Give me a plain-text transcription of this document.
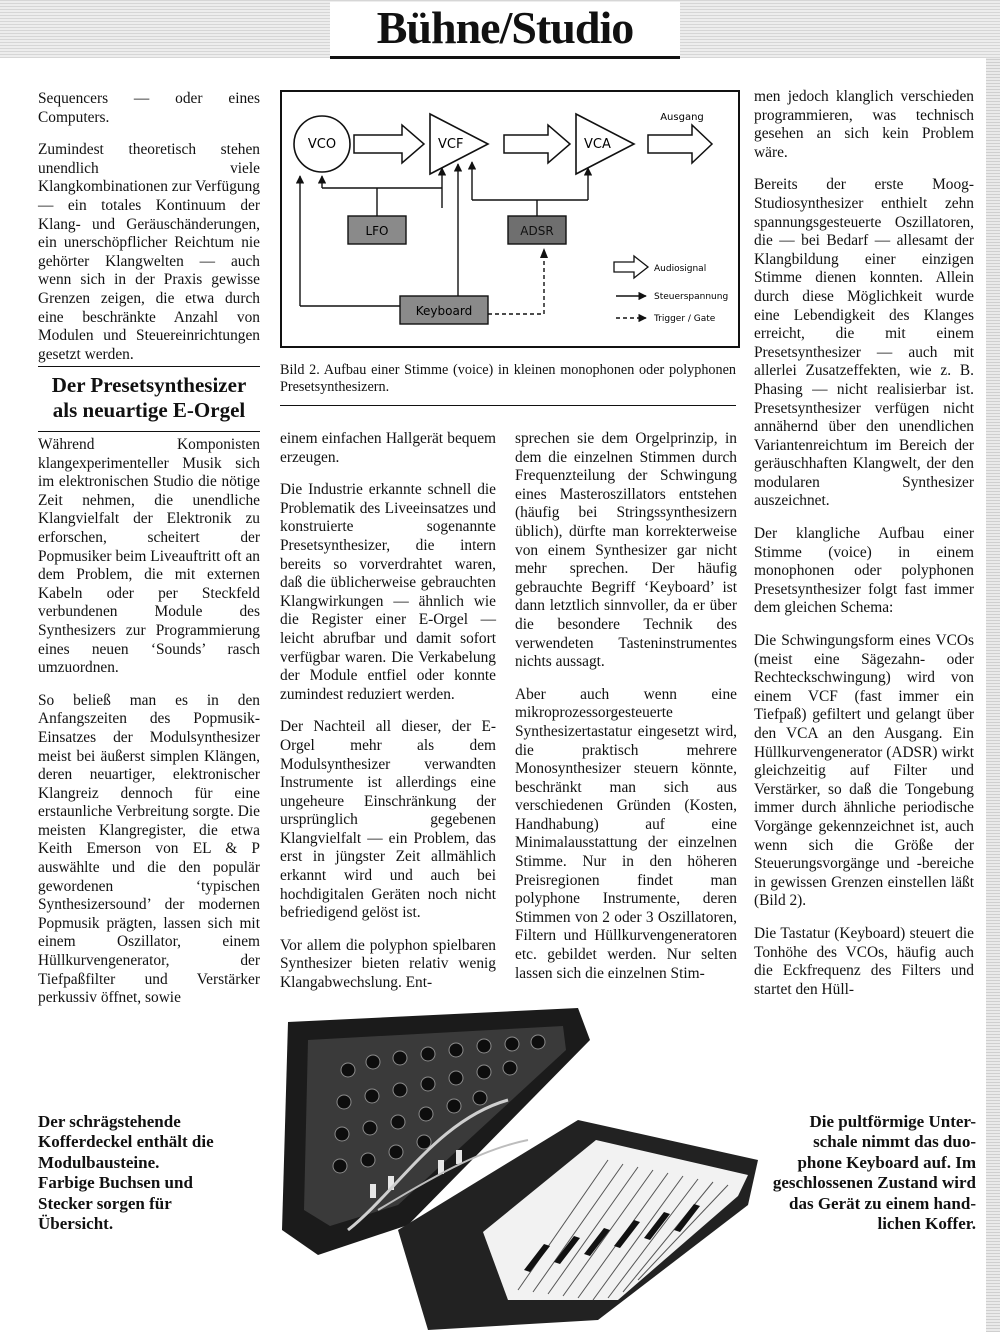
Bühne/Studio

Sequencers — oder eines Computers.

Zumindest theoretisch stehen unendlich viele Klangkombinationen zur Verfügung — ein totales Kontinuum der Klang- und Geräuschänderungen, ein unerschöpflicher Reichtum nie gehörter Klangwelten — auch wenn sich in der Praxis gewisse Grenzen zeigen, die etwa durch eine beschränkte Anzahl von Modulen und Steuereinrichtungen gesetzt werden.

Der Presetsynthesizer
als neuartige E-Orgel

Während Komponisten klangexperimenteller Musik sich im elektronischen Studio die nötige Zeit nehmen, die unendliche Klangvielfalt der Elektronik zu erforschen, scheitert der Popmusiker beim Liveauftritt oft an dem Problem, die mit externen Kabeln oder per Steckfeld verbundenen Module des Synthesizers zur Programmierung eines neuen ‘Sounds’ rasch umzuordnen.

So beließ man es in den Anfangszeiten des Popmusik-Einsatzes der Modulsynthesizer meist bei äußerst simplen Klängen, deren neuartiger, elektronischer Klangreiz dennoch für eine erstaunliche Verbreitung sorgte. Die meisten Klangregister, die etwa Keith Emerson von EL & P auswählte und die den populär gewordenen ‘typischen Synthesizersound’ der modernen Popmusik prägten, lassen sich mit einem Oszillator, einem Hüllkurvengenerator, der Tiefpaßfilter und Verstärker perkussiv öffnet, sowie

VCO	VCF	VCA
Ausgang
LFO	ADSR
Keyboard
Audiosignal
Steuerspannung
Trigger / Gate
Bild 2. Aufbau einer Stimme (voice) in kleinen monophonen oder polyphonen Presetsynthesizern.

einem einfachen Hallgerät bequem erzeugen.

Die Industrie erkannte schnell die Problematik des Liveeinsatzes und konstruierte sogenannte Presetsynthesizer, die intern bereits so vorverdrahtet waren, daß die üblicherweise gebrauchten Klangwirkungen — ähnlich wie die Register einer E-Orgel — leicht abrufbar und damit sofort verfügbar waren. Die Verkabelung der Module entfiel oder konnte zumindest reduziert werden.

Der Nachteil all dieser, der E-Orgel mehr als dem Modulsynthesizer verwandten Instrumente ist allerdings eine ungeheure Einschränkung der ursprünglich gegebenen Klangvielfalt — ein Problem, das erst in jüngster Zeit allmählich erkannt wird und auch bei hochdigitalen Geräten noch nicht befriedigend gelöst ist.

Vor allem die polyphon spielbaren Synthesizer bieten relativ wenig Klangabwechslung. Ent-

sprechen sie dem Orgelprinzip, in dem die einzelnen Stimmen durch Frequenzteilung der Schwingung eines Masteroszillators entstehen (häufig bei Stringssynthesizern üblich), dürfte man korrekterweise von einem Synthesizer gar nicht mehr sprechen. Der häufig gebrauchte Begriff ‘Keyboard’ ist dann letztlich sinnvoller, da er über die besondere Technik des verwendeten Tasteninstrumentes nichts aussagt.

Aber auch wenn eine mikroprozessorgesteuerte Synthesizertastatur eingesetzt wird, die praktisch mehrere Monosynthesizer steuern könnte, beschränkt man sich aus verschiedenen Gründen (Kosten, Handhabung) auf eine Minimalausstattung der einzelnen Stimme. Nur in den höheren Preisregionen findet man polyphone Instrumente, deren Stimmen von 2 oder 3 Oszillatoren, Filtern und Hüllkurvengeneratoren etc. gebildet werden. Nur selten lassen sich die einzelnen Stim-

men jedoch klanglich verschieden programmieren, was technisch gesehen an sich kein Problem wäre.

Bereits der erste Moog-Studiosynthesizer enthielt zehn spannungsgesteuerte Oszillatoren, die — bei Bedarf — allesamt der Klangbildung einer einzigen Stimme dienen konnten. Allein durch diese Möglichkeit wurde eine Lebendigkeit des Klanges erreicht, die mit einem Presetsynthesizer — auch mit allerlei Zusatzeffekten, wie z. B. Phasing — nicht realisierbar ist. Presetsynthesizer verfügen nicht annähernd über den unendlichen Variantenreichtum im Bereich der geräuschhaften Klangwelt, der den modularen Synthesizer auszeichnet.

Der klangliche Aufbau einer Stimme (voice) in einem monophonen oder polyphonen Presetsynthesizer folgt fast immer dem gleichen Schema:

Die Schwingungsform eines VCOs (meist eine Sägezahn- oder Rechteckschwingung) wird von einem VCF (fast immer ein Tiefpaß) gefiltert und gelangt über den VCA an den Ausgang. Ein Hüllkurvengenerator (ADSR) wirkt gleichzeitig auf Filter und Verstärker, so daß die Tongebung immer durch ähnliche periodische Vorgänge gekennzeichnet ist, auch wenn sich die Größe der Steuerungsvorgänge und -bereiche in gewissen Grenzen einstellen läßt (Bild 2).

Die Tastatur (Keyboard) steuert die Tonhöhe des VCOs, häufig auch die Eckfrequenz des Filters und startet den Hüll-

Der schrägstehende
Kofferdeckel enthält die
Modulbausteine.
Farbige Buchsen und
Stecker sorgen für
Übersicht.
Die pultförmige Unter-
schale nimmt das duo-
phone Keyboard auf. Im
geschlossenen Zustand wird
das Gerät zu einem hand-
lichen Koffer.
